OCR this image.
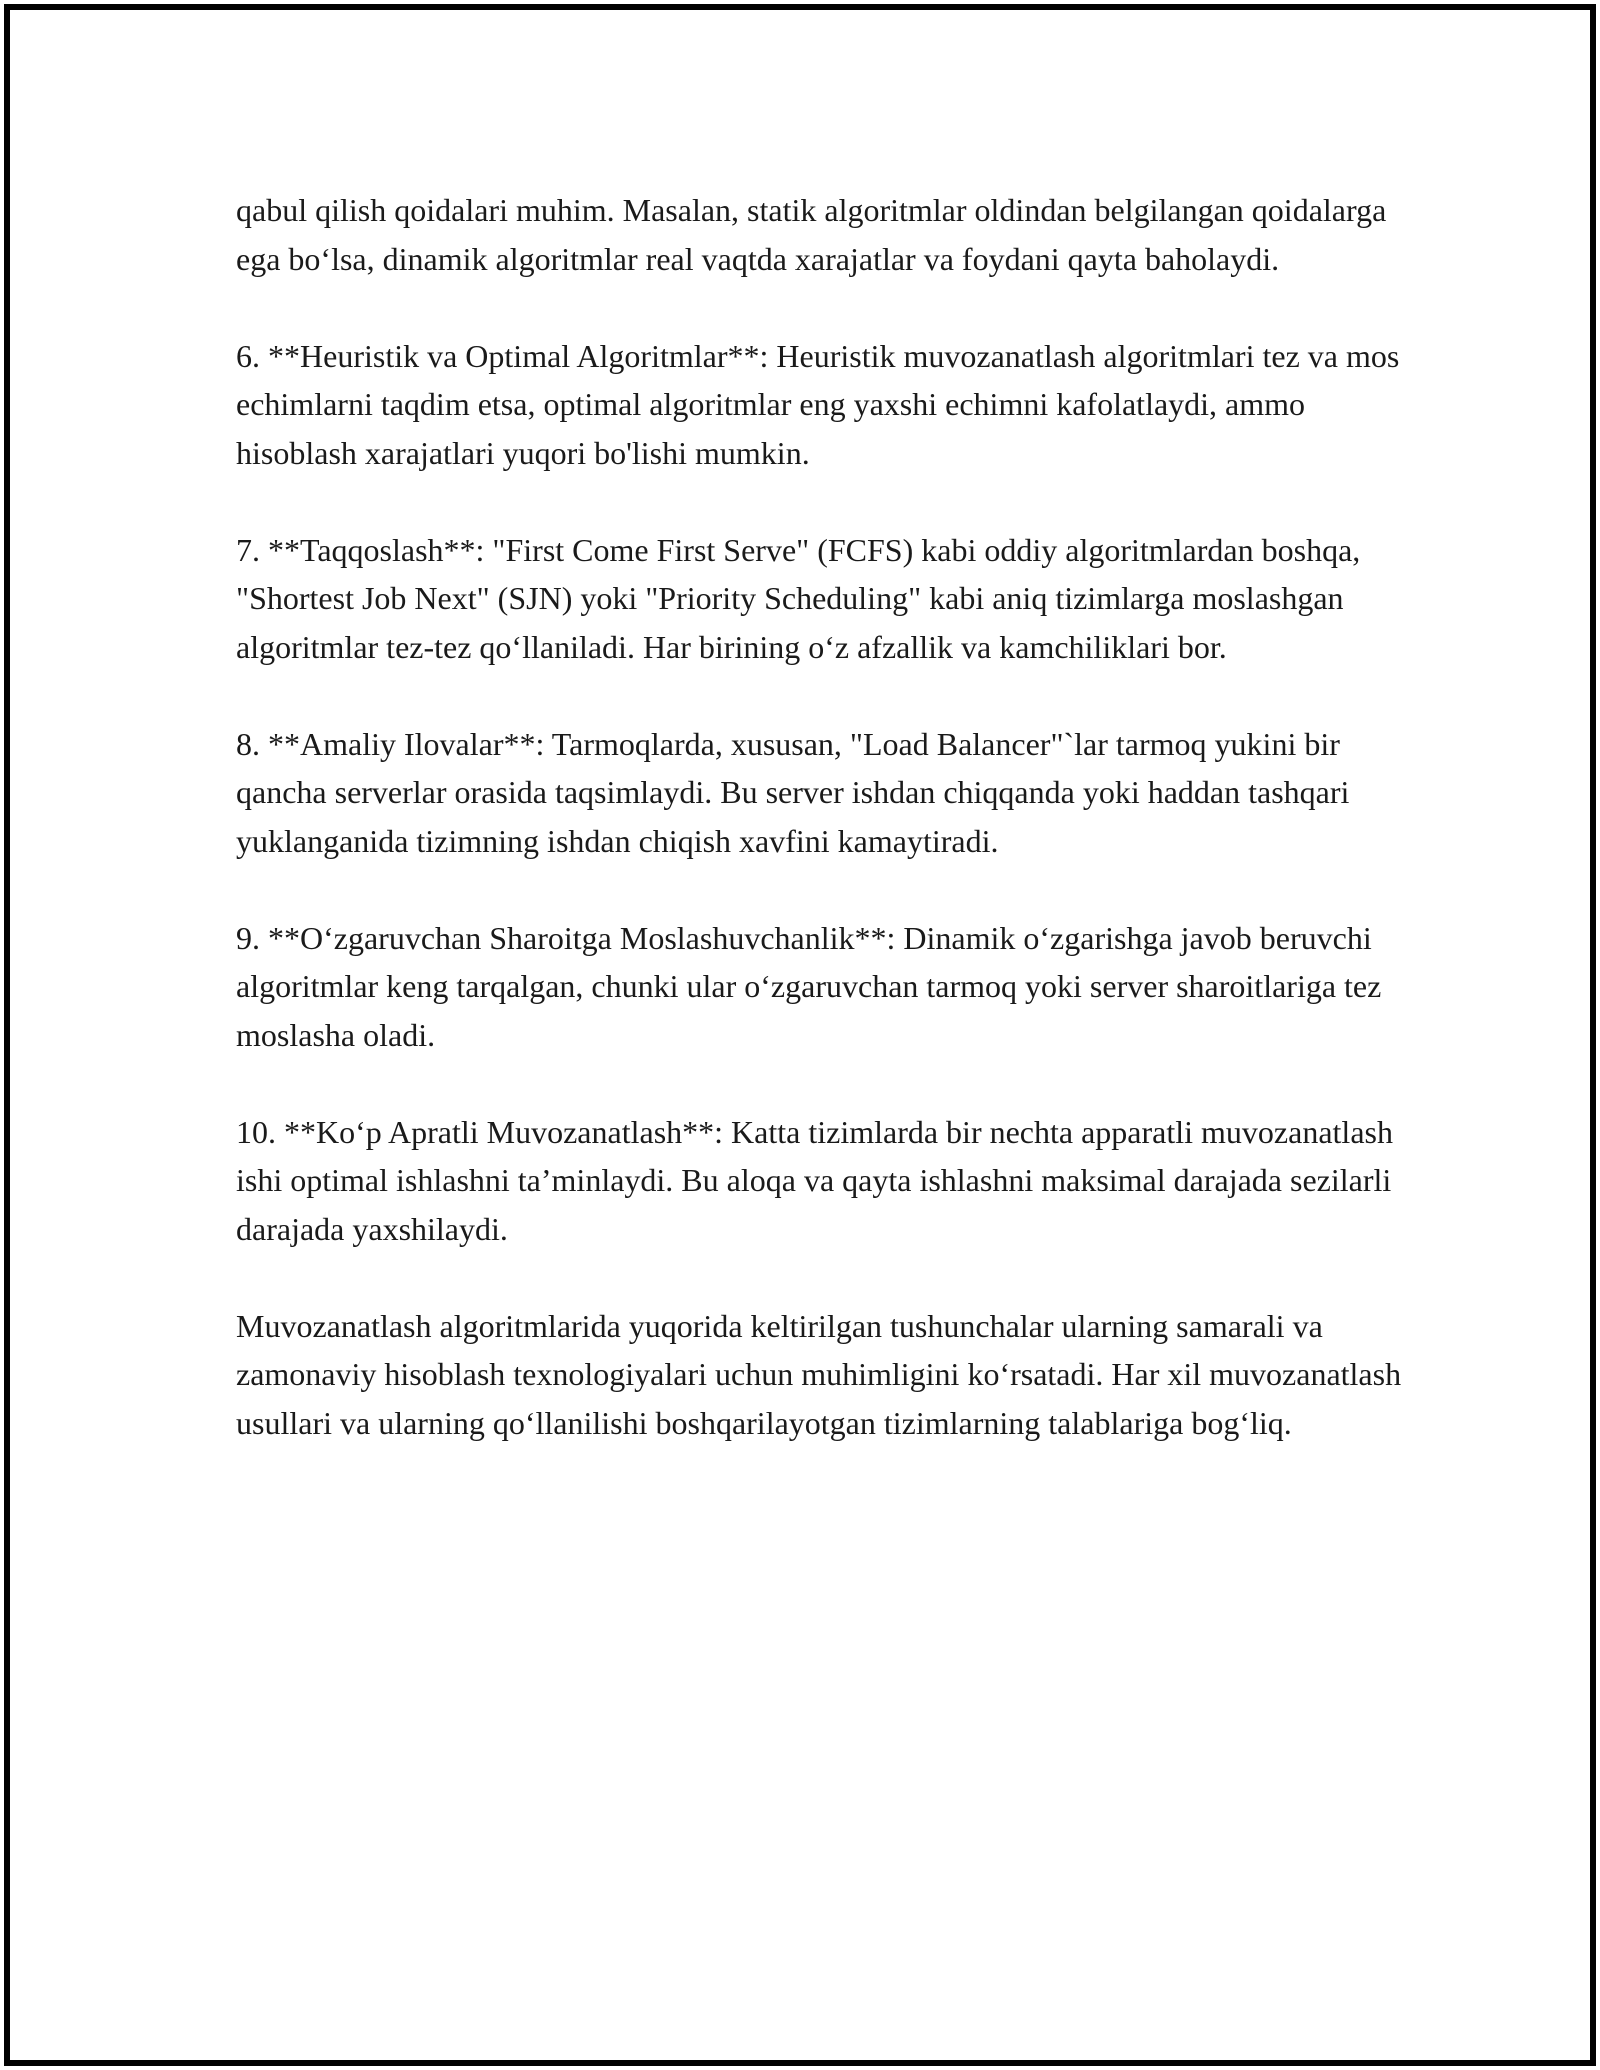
qabul qilish qoidalari muhim. Masalan, statik algoritmlar oldindan belgilangan qoidalarga ega bo‘lsa, dinamik algoritmlar real vaqtda xarajatlar va foydani qayta baholaydi.

6. **Heuristik va Optimal Algoritmlar**: Heuristik muvozanatlash algoritmlari tez va mos echimlarni taqdim etsa, optimal algoritmlar eng yaxshi echimni kafolatlaydi, ammo hisoblash xarajatlari yuqori bo'lishi mumkin.

7. **Taqqoslash**: "First Come First Serve" (FCFS) kabi oddiy algoritmlardan boshqa, "Shortest Job Next" (SJN) yoki "Priority Scheduling" kabi aniq tizimlarga moslashgan algoritmlar tez-tez qo‘llaniladi. Har birining o‘z afzallik va kamchiliklari bor.

8. **Amaliy Ilovalar**: Tarmoqlarda, xususan, "Load Balancer"`lar tarmoq yukini bir qancha serverlar orasida taqsimlaydi. Bu server ishdan chiqqanda yoki haddan tashqari yuklanganida tizimning ishdan chiqish xavfini kamaytiradi.

9. **O‘zgaruvchan Sharoitga Moslashuvchanlik**: Dinamik o‘zgarishga javob beruvchi algoritmlar keng tarqalgan, chunki ular o‘zgaruvchan tarmoq yoki server sharoitlariga tez moslasha oladi.

10. **Ko‘p Apratli Muvozanatlash**: Katta tizimlarda bir nechta apparatli muvozanatlash ishi optimal ishlashni ta’minlaydi. Bu aloqa va qayta ishlashni maksimal darajada sezilarli darajada yaxshilaydi.

Muvozanatlash algoritmlarida yuqorida keltirilgan tushunchalar ularning samarali va zamonaviy hisoblash texnologiyalari uchun muhimligini ko‘rsatadi. Har xil muvozanatlash usullari va ularning qo‘llanilishi boshqarilayotgan tizimlarning talablariga bog‘liq.
